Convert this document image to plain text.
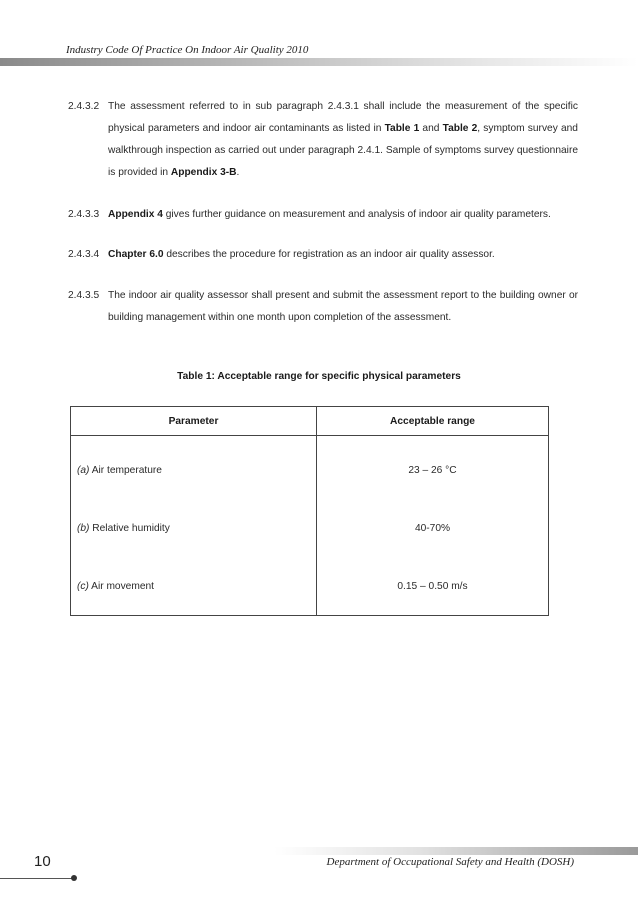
Industry Code Of Practice On Indoor Air Quality 2010
2.4.3.2 The assessment referred to in sub paragraph 2.4.3.1 shall include the measurement of the specific physical parameters and indoor air contaminants as listed in Table 1 and Table 2, symptom survey and walkthrough inspection as carried out under paragraph 2.4.1. Sample of symptoms survey questionnaire is provided in Appendix 3-B.
2.4.3.3 Appendix 4 gives further guidance on measurement and analysis of indoor air quality parameters.
2.4.3.4 Chapter 6.0 describes the procedure for registration as an indoor air quality assessor.
2.4.3.5 The indoor air quality assessor shall present and submit the assessment report to the building owner or building management within one month upon completion of the assessment.
Table 1: Acceptable range for specific physical parameters
Parameter	Acceptable range
(a) Air temperature	23 – 26 °C
(b) Relative humidity	40-70%
(c) Air movement	0.15 – 0.50 m/s
10	Department of Occupational Safety and Health (DOSH)
